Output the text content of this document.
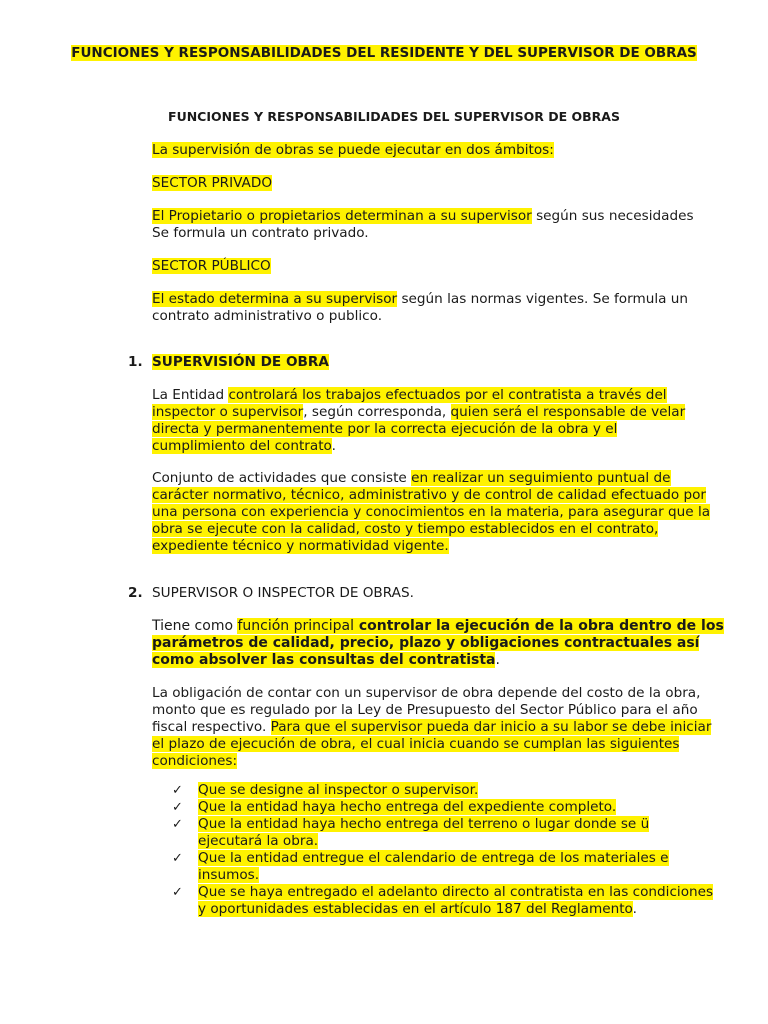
FUNCIONES Y RESPONSABILIDADES DEL RESIDENTE Y DEL SUPERVISOR DE OBRAS
FUNCIONES Y RESPONSABILIDADES DEL SUPERVISOR DE OBRAS
La supervisión de obras se puede ejecutar en dos ámbitos:
SECTOR PRIVADO
El Propietario o propietarios determinan a su supervisor según sus necesidades
Se formula un contrato privado.
SECTOR PÚBLICO
El estado determina a su supervisor según las normas vigentes. Se formula un
contrato administrativo o publico.
1. SUPERVISIÓN DE OBRA
La Entidad controlará los trabajos efectuados por el contratista a través del
inspector o supervisor, según corresponda, quien será el responsable de velar
directa y permanentemente por la correcta ejecución de la obra y el
cumplimiento del contrato.
Conjunto de actividades que consiste en realizar un seguimiento puntual de
carácter normativo, técnico, administrativo y de control de calidad efectuado por
una persona con experiencia y conocimientos en la materia, para asegurar que la
obra se ejecute con la calidad, costo y tiempo establecidos en el contrato,
expediente técnico y normatividad vigente.
2. SUPERVISOR O INSPECTOR DE OBRAS.
Tiene como función principal controlar la ejecución de la obra dentro de los
parámetros de calidad, precio, plazo y obligaciones contractuales así
como absolver las consultas del contratista.
La obligación de contar con un supervisor de obra depende del costo de la obra,
monto que es regulado por la Ley de Presupuesto del Sector Público para el año
fiscal respectivo. Para que el supervisor pueda dar inicio a su labor se debe iniciar
el plazo de ejecución de obra, el cual inicia cuando se cumplan las siguientes
condiciones:
✓ Que se designe al inspector o supervisor.
✓ Que la entidad haya hecho entrega del expediente completo.
✓ Que la entidad haya hecho entrega del terreno o lugar donde se ü
ejecutará la obra.
✓ Que la entidad entregue el calendario de entrega de los materiales e
insumos.
✓ Que se haya entregado el adelanto directo al contratista en las condiciones
y oportunidades establecidas en el artículo 187 del Reglamento.
